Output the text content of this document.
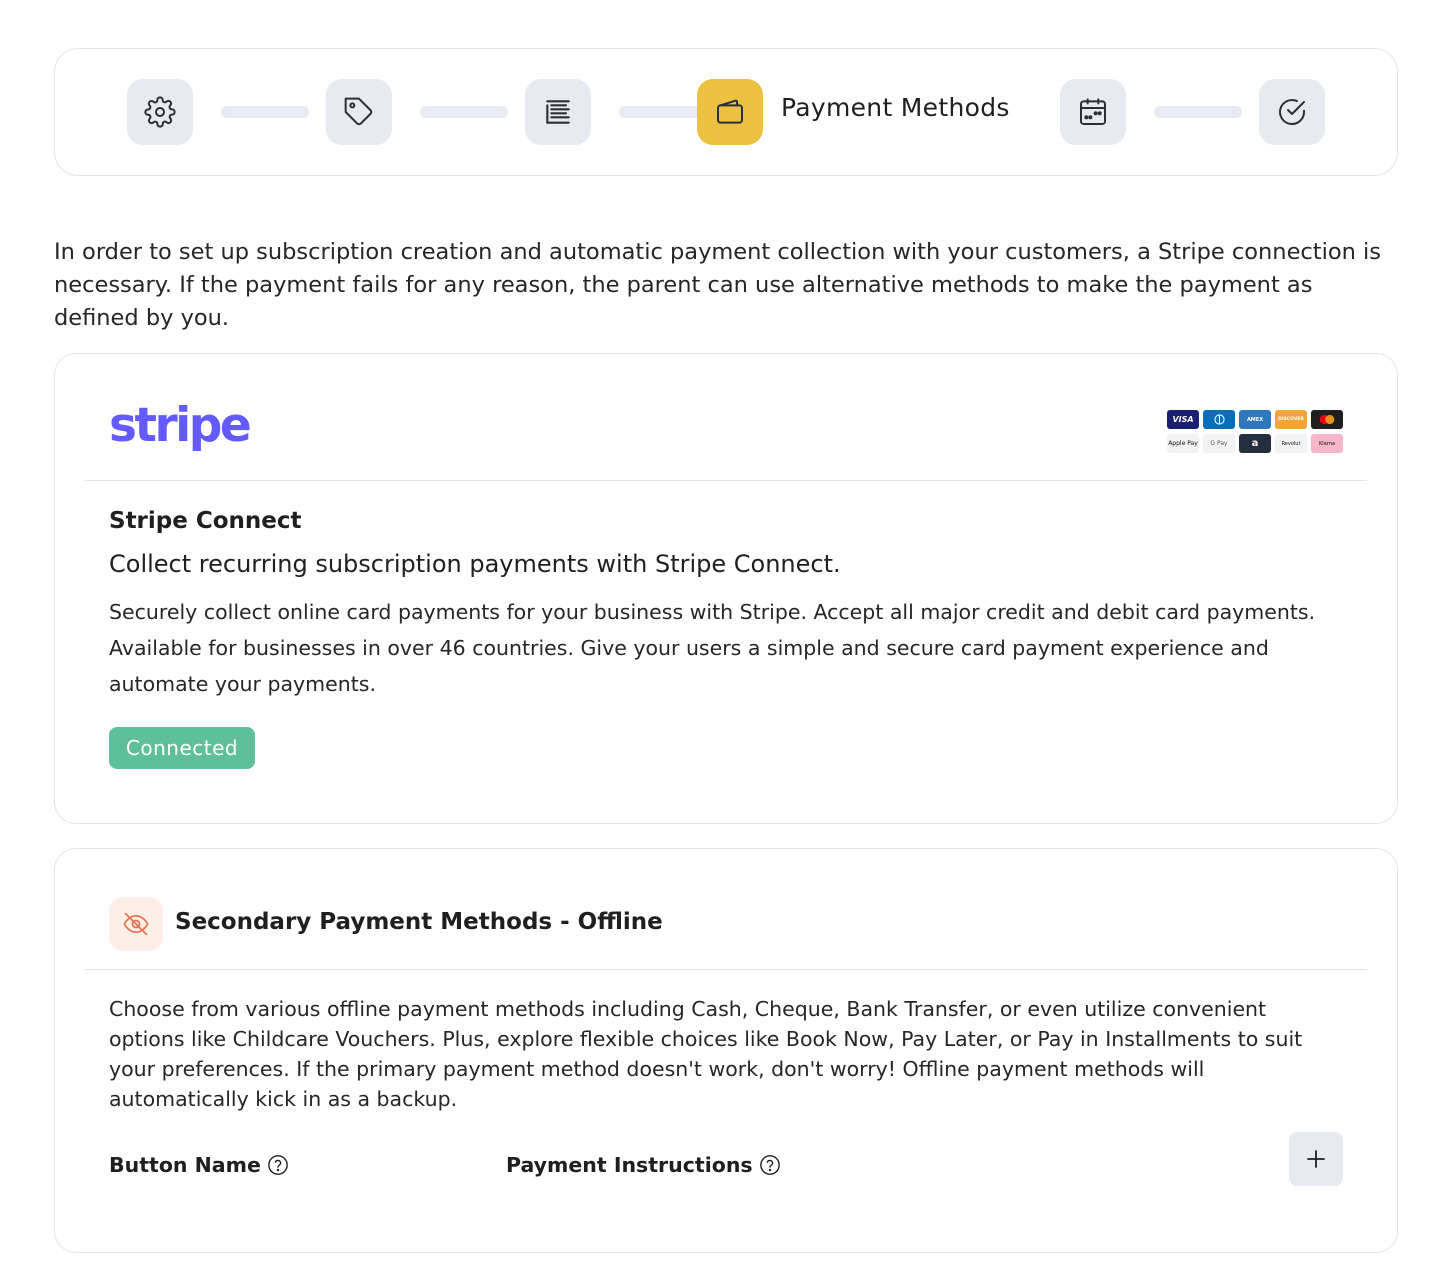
Payment Methods

In order to set up subscription creation and automatic payment collection with your customers, a Stripe connection is necessary. If the payment fails for any reason, the parent can use alternative methods to make the payment as defined by you.

stripe	VISA	AMEX	DISCOVER
Apple Pay	G Pay	a	Revolut	Klarna
Stripe Connect
Collect recurring subscription payments with Stripe Connect.

Securely collect online card payments for your business with Stripe. Accept all major credit and debit card payments. Available for businesses in over 46 countries. Give your users a simple and secure card payment experience and automate your payments.

Connected
Secondary Payment Methods - Offline

Choose from various offline payment methods including Cash, Cheque, Bank Transfer, or even utilize convenient options like Childcare Vouchers. Plus, explore flexible choices like Book Now, Pay Later, or Pay in Installments to suit your preferences. If the primary payment method doesn't work, don't worry! Offline payment methods will automatically kick in as a backup.

Button Name	Payment Instructions
